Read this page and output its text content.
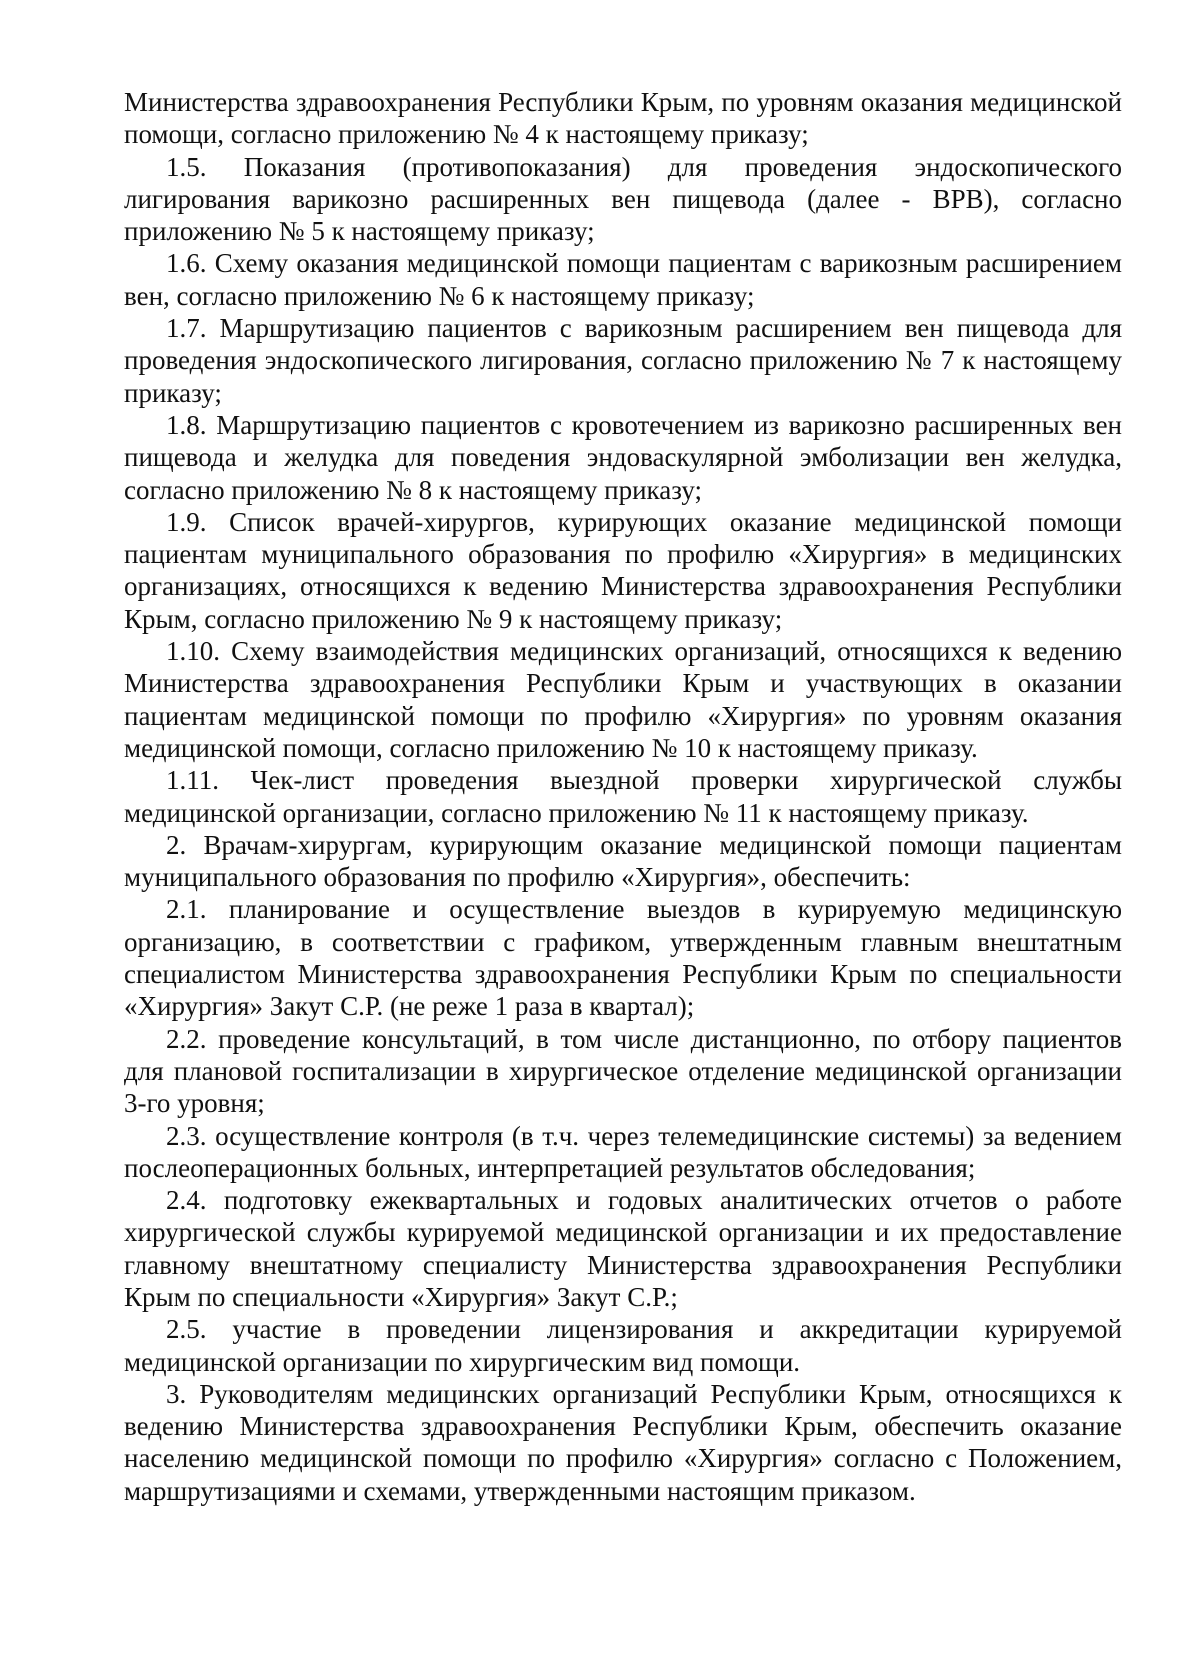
Министерства здравоохранения Республики Крым, по уровням оказания медицинской помощи, согласно приложению № 4 к настоящему приказу;

1.5. Показания (противопоказания) для проведения эндоскопического лигирования варикозно расширенных вен пищевода (далее - ВРВ), согласно приложению № 5 к настоящему приказу;

1.6. Схему оказания медицинской помощи пациентам с варикозным расширением вен, согласно приложению № 6 к настоящему приказу;

1.7. Маршрутизацию пациентов с варикозным расширением вен пищевода для проведения эндоскопического лигирования, согласно приложению № 7 к настоящему приказу;

1.8. Маршрутизацию пациентов с кровотечением из варикозно расширенных вен пищевода и желудка для поведения эндоваскулярной эмболизации вен желудка, согласно приложению № 8 к настоящему приказу;

1.9. Список врачей-хирургов, курирующих оказание медицинской помощи пациентам муниципального образования по профилю «Хирургия» в медицинских организациях, относящихся к ведению Министерства здравоохранения Республики Крым, согласно приложению № 9 к настоящему приказу;

1.10. Схему взаимодействия медицинских организаций, относящихся к ведению Министерства здравоохранения Республики Крым и участвующих в оказании пациентам медицинской помощи по профилю «Хирургия» по уровням оказания медицинской помощи, согласно приложению № 10 к настоящему приказу.

1.11. Чек-лист проведения выездной проверки хирургической службы медицинской организации, согласно приложению № 11 к настоящему приказу.

2. Врачам-хирургам, курирующим оказание медицинской помощи пациентам муниципального образования по профилю «Хирургия», обеспечить:

2.1. планирование и осуществление выездов в курируемую медицинскую организацию, в соответствии с графиком, утвержденным главным внештатным специалистом Министерства здравоохранения Республики Крым по специальности «Хирургия» Закут С.Р. (не реже 1 раза в квартал);

2.2. проведение консультаций, в том числе дистанционно, по отбору пациентов для плановой госпитализации в хирургическое отделение медицинской организации 3-го уровня;

2.3. осуществление контроля (в т.ч. через телемедицинские системы) за ведением послеоперационных больных, интерпретацией результатов обследования;

2.4. подготовку ежеквартальных и годовых аналитических отчетов о работе хирургической службы курируемой медицинской организации и их предоставление главному внештатному специалисту Министерства здравоохранения Республики Крым по специальности «Хирургия» Закут С.Р.;

2.5. участие в проведении лицензирования и аккредитации курируемой медицинской организации по хирургическим вид помощи.

3. Руководителям медицинских организаций Республики Крым, относящихся к ведению Министерства здравоохранения Республики Крым, обеспечить оказание населению медицинской помощи по профилю «Хирургия» согласно с Положением, маршрутизациями и схемами, утвержденными настоящим приказом.
